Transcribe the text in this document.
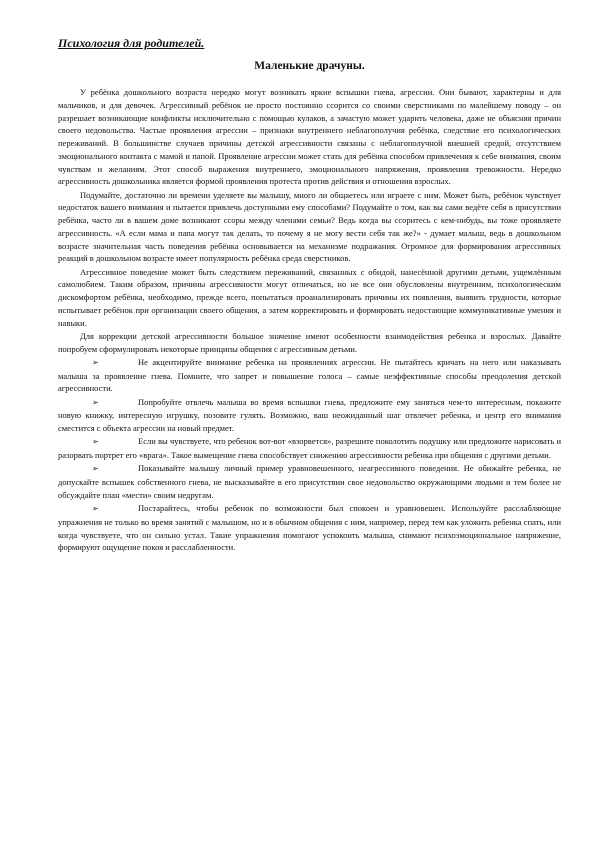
Психология для родителей.
Маленькие драчуны.

У ребёнка дошкольного возраста нередко могут возникать яркие вспышки гнева, агрессии. Они бывают, характерны и для мальчиков, и для девочек. Агрессивный ребёнок не просто постоянно ссорится со своими сверстниками по малейшему поводу – он разрешает возникающие конфликты исключительно с помощью кулаков, а зачастую может ударить человека, даже не объясняя причин своего недовольства. Частые проявления агрессии – признаки внутреннего неблагополучия ребёнка, следствие его психологических переживаний. В большинстве случаев причины детской агрессивности связаны с неблагополучной внешней средой, отсутствием эмоционального контакта с мамой и папой. Проявление агрессии может стать для ребёнка способом привлечения к себе внимания, своим чувствам и желаниям. Этот способ выражения внутреннего, эмоционального напряжения, проявления тревожности. Нередко агрессивность дошкольника является формой проявления протеста против действия и отношения взрослых.

Подумайте, достаточно ли времени уделяете вы малышу, много ли общаетесь или играете с ним. Может быть, ребёнок чувствует недостаток вашего внимания и пытается привлечь доступными ему способами? Подумайте о том, как вы сами ведёте себя в присутствии ребёнка, часто ли в вашем доме возникают ссоры между членами семьи? Ведь когда вы ссоритесь с кем-нибудь, вы тоже проявляете агрессивность. «А если мама и папа могут так делать, то почему я не могу вести себя так же?» - думает малыш, ведь в дошкольном возрасте значительная часть поведения ребёнка основывается на механизме подражания. Огромное для формирования агрессивных реакций в дошкольном возрасте имеет популярность ребёнка среда сверстников.

Агрессивное поведение может быть следствием переживаний, связанных с обидой, нанесённой другими детьми, ущемлённым самолюбием. Таким образом, причины агрессивности могут отличаться, но не все они обусловлены внутренним, психологическим дискомфортом ребёнка, необходимо, прежде всего, попытаться проанализировать причины их появления, выявить трудности, которые испытывает ребёнок при организации своего общения, а затем корректировать и формировать недостающие коммуникативные умения и навыки.

Для коррекции детской агрессивности большое значение имеют особенности взаимодействия ребенка и взрослых. Давайте попробуем сформулировать некоторые принципы общения с агрессивным детьми.

➢	Не акцентируйте внимание ребенка на проявлениях агрессии. Не пытайтесь кричать на него или наказывать малыша за проявление гнева. Помните, что запрет и повышение голоса – самые неэффективные способы преодоления детской агрессивности.

➢	Попробуйте отвлечь малыша во время вспышки гнева, предложите ему заняться чем-то интересным, покажите новую книжку, интересную игрушку, позовите гулять. Возможно, ваш неожиданный шаг отвлечет ребенка, и центр его внимания сместится с объекта агрессии на новый предмет.

➢	Если вы чувствуете, что ребенок вот-вот «взорвется», разрешите поколотить подушку или предложите нарисовать и разорвать портрет его «врага». Такое вымещение гнева способствует снижению агрессивности ребенка при общения с другими детьми.

➢	Показывайте малышу личный пример уравновешенного, неагрессивного поведения. Не обижайте ребенка, не допускайте вспышек собственного гнева, не высказывайте в его присутствии свое недовольство окружающими людьми и тем более не обсуждайте план «мести» своим недругам.

➢	Постарайтесь, чтобы ребенок по возможности был спокоен и уравновешен. Используйте расслабляющие упражнения не только во время занятий с малышом, но и в обычном общения с ним, например, перед тем как уложить ребенка спать, или когда чувствуете, что он сильно устал. Такие упражнения помогают успокоить малыша, снимают психоэмоциональное напряжение, формируют ощущение покоя и расслабленности.
